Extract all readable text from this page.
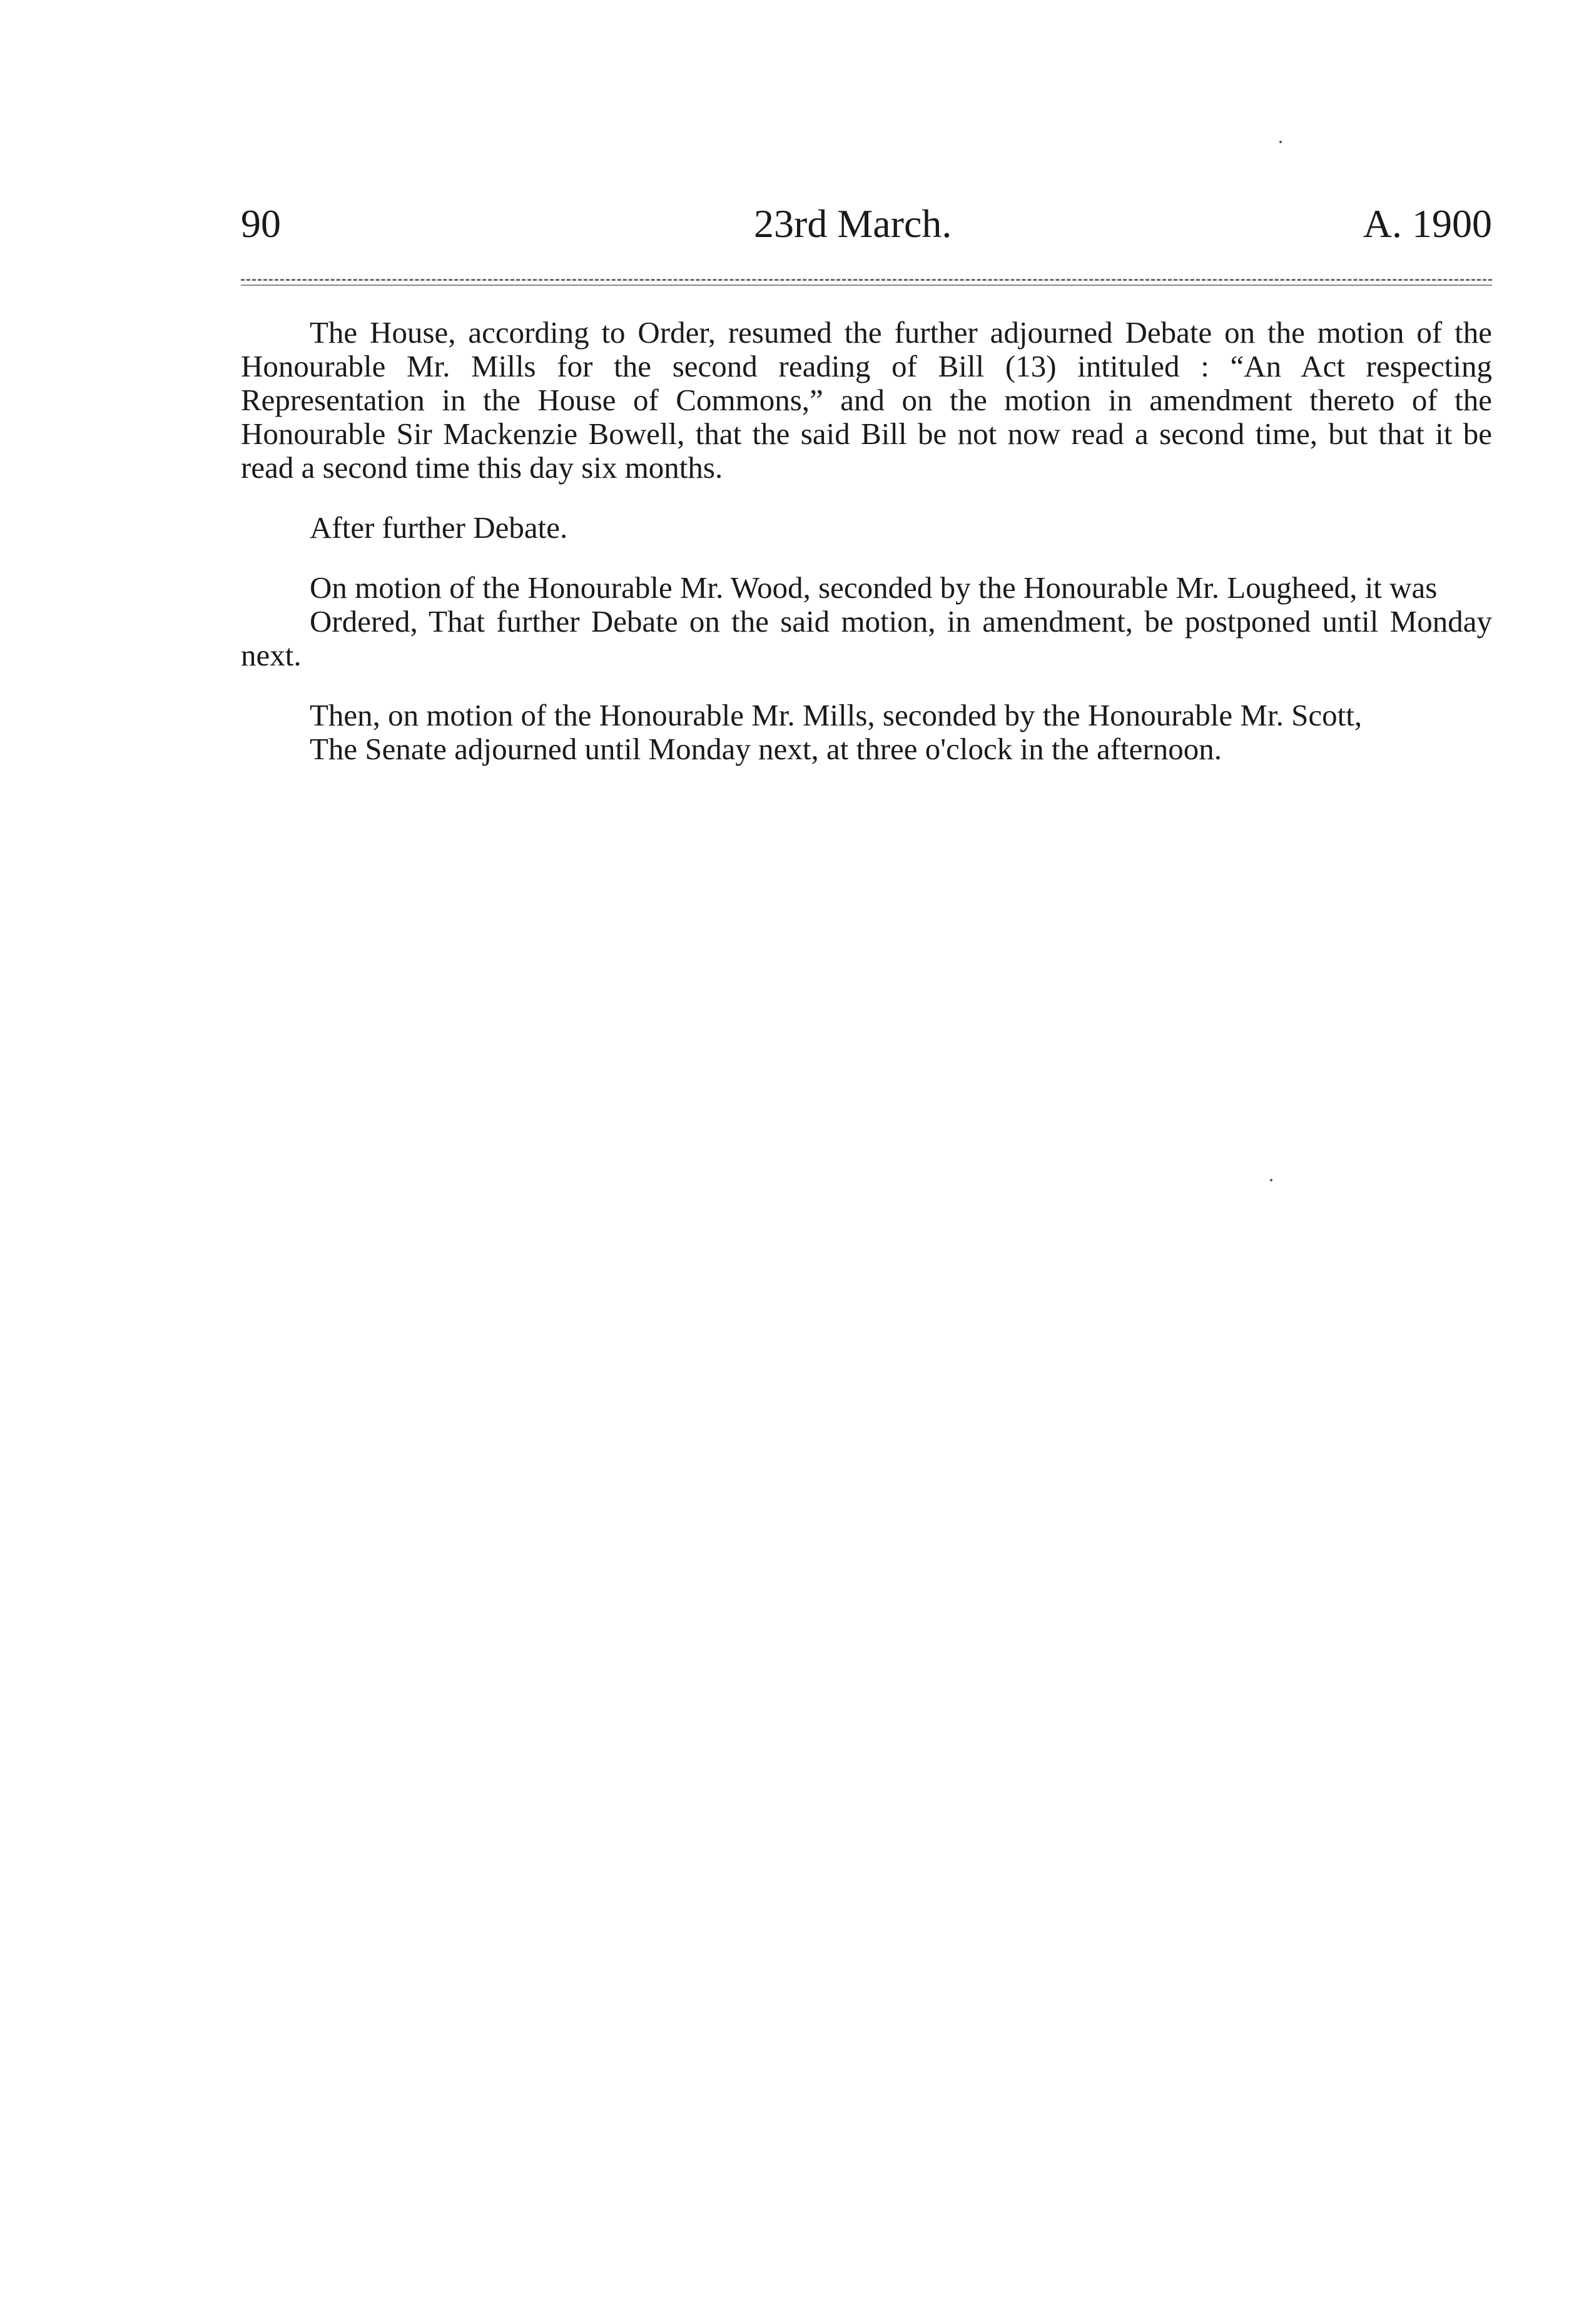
90	23rd March.	A. 1900

The House, according to Order, resumed the further adjourned Debate on the motion of the Honourable Mr. Mills for the second reading of Bill (13) intituled : “An Act respecting Representation in the House of Commons,” and on the motion in amendment thereto of the Honourable Sir Mackenzie Bowell, that the said Bill be not now read a second time, but that it be read a second time this day six months.

After further Debate.

On motion of the Honourable Mr. Wood, seconded by the Honourable Mr. Lougheed, it was

Ordered, That further Debate on the said motion, in amendment, be postponed until Monday next.

Then, on motion of the Honourable Mr. Mills, seconded by the Honourable Mr. Scott,

The Senate adjourned until Monday next, at three o'clock in the afternoon.
